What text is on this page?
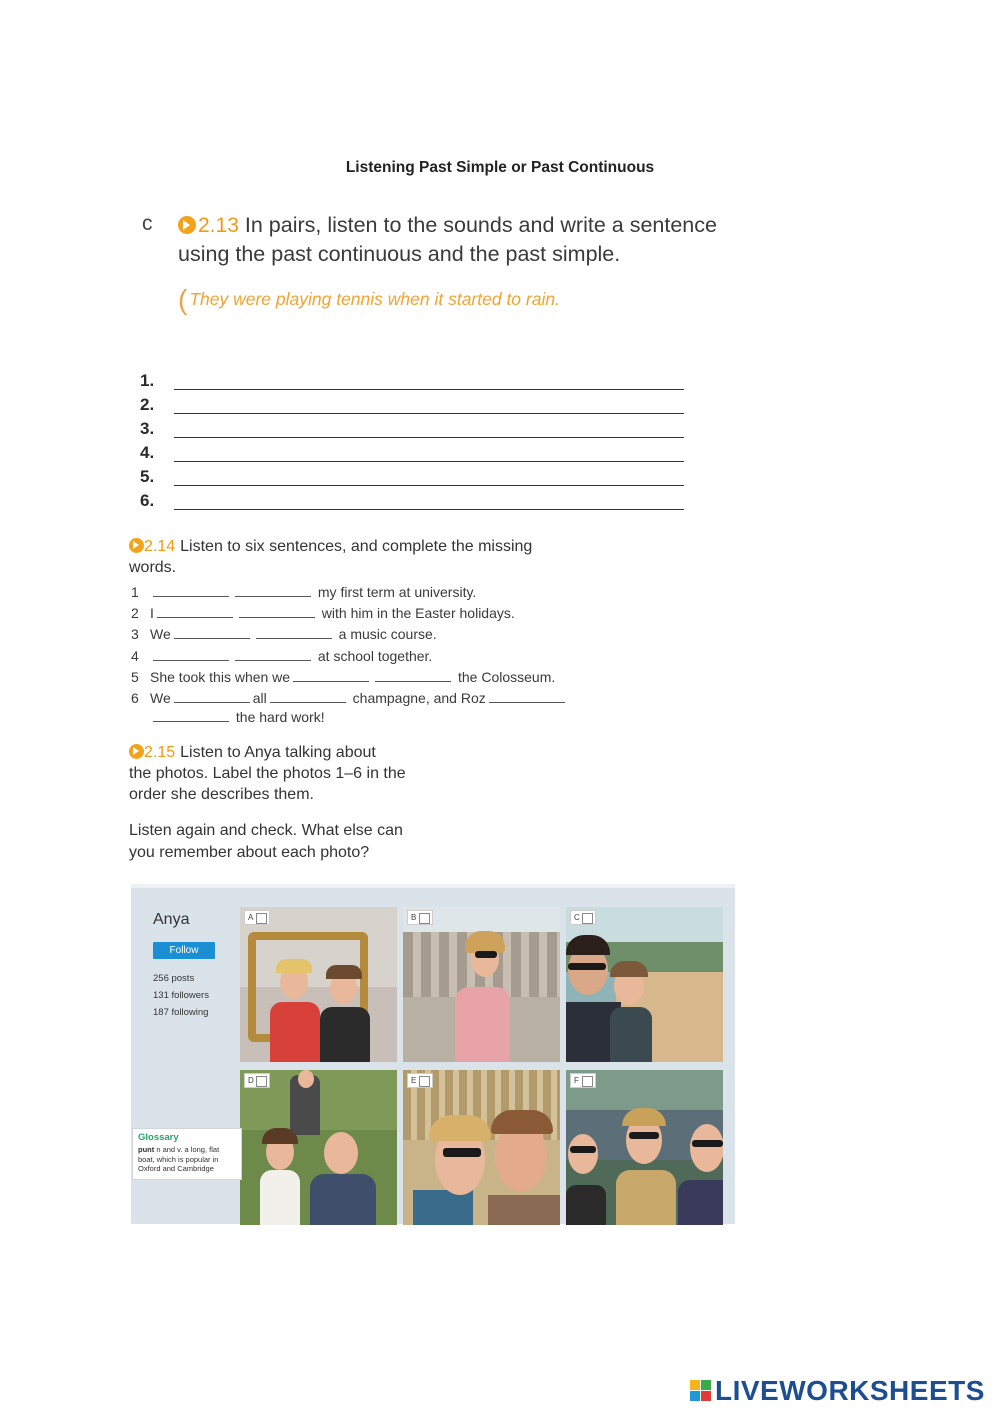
Listening Past Simple or Past Continuous
c	2.13 In pairs, listen to the sounds and write a sentence
using the past continuous and the past simple.
( They were playing tennis when it started to rain.
1.
2.
3.
4.
5.
6.
2.14 Listen to six sentences, and complete the missing
words.
1	my first term at university.
2 I	with him in the Easter holidays.
3 We	a music course.
4	at school together.
5 She took this when we	the Colosseum.
6 We	all	champagne, and Roz
the hard work!
2.15 Listen to Anya talking about
the photos. Label the photos 1–6 in the
order she describes them.
Listen again and check. What else can
you remember about each photo?
Anya
Follow
256 posts
131 followers
187 following
A	B	C
D	E	F
Glossary
punt n and v. a long, flat boat, which is popular in Oxford and Cambridge
LIVEWORKSHEETS
